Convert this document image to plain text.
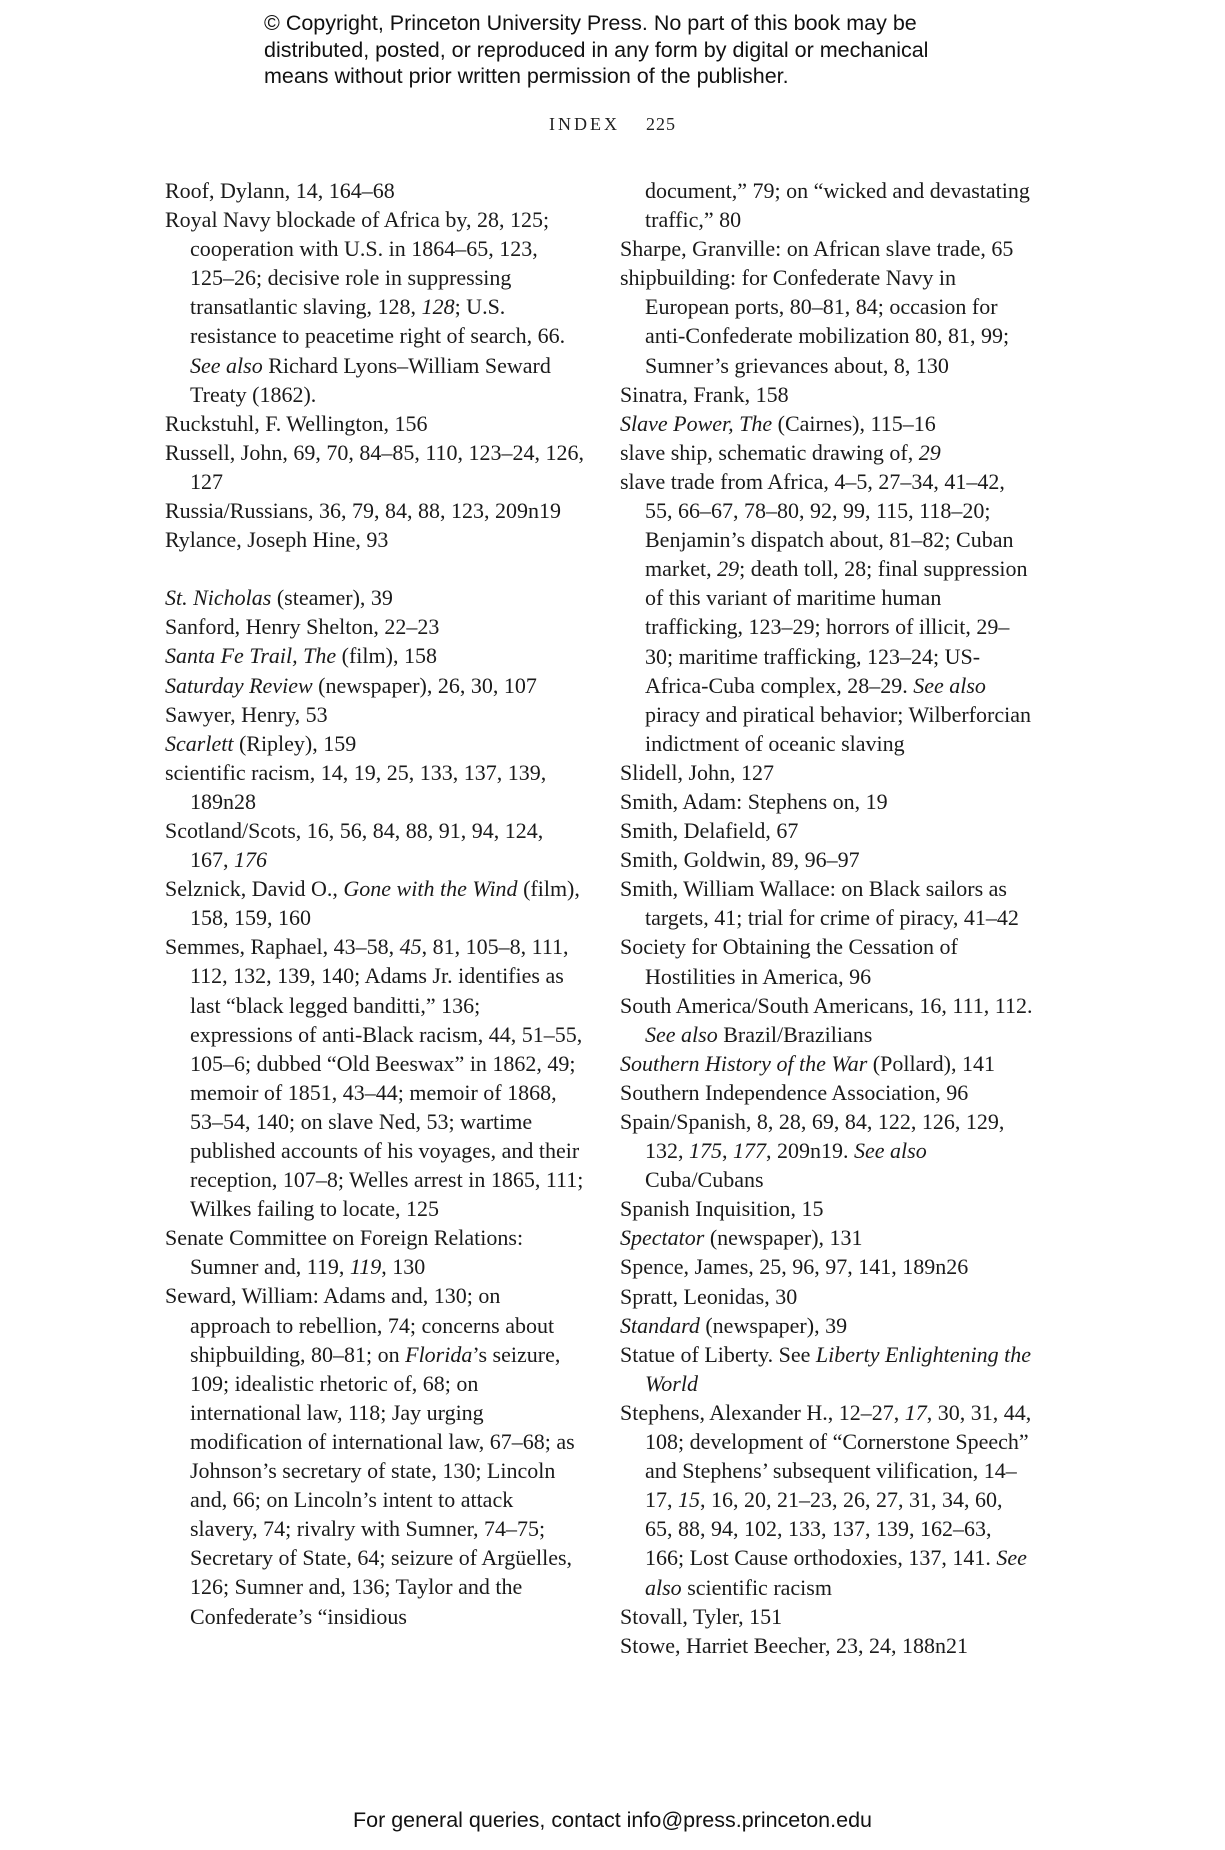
© Copyright, Princeton University Press. No part of this book may be
distributed, posted, or reproduced in any form by digital or mechanical
means without prior written permission of the publisher.
INDEX 225

Roof, Dylann, 14, 164–68

Royal Navy blockade of Africa by, 28, 125; cooperation with U.S. in 1864–65, 123, 125–26; decisive role in suppressing transatlantic slaving, 128, 128; U.S. resistance to peacetime right of search, 66. See also Richard Lyons–William Seward Treaty (1862).

Ruckstuhl, F. Wellington, 156

Russell, John, 69, 70, 84–85, 110, 123–24, 126, 127

Russia/Russians, 36, 79, 84, 88, 123, 209n19

Rylance, Joseph Hine, 93

St. Nicholas (steamer), 39

Sanford, Henry Shelton, 22–23

Santa Fe Trail, The (film), 158

Saturday Review (newspaper), 26, 30, 107

Sawyer, Henry, 53

Scarlett (Ripley), 159

scientific racism, 14, 19, 25, 133, 137, 139, 189n28

Scotland/Scots, 16, 56, 84, 88, 91, 94, 124, 167, 176

Selznick, David O., Gone with the Wind (film), 158, 159, 160

Semmes, Raphael, 43–58, 45, 81, 105–8, 111, 112, 132, 139, 140; Adams Jr. identifies as last “black legged banditti,” 136; expressions of anti-Black racism, 44, 51–55, 105–6; dubbed “Old Beeswax” in 1862, 49; memoir of 1851, 43–44; memoir of 1868, 53–54, 140; on slave Ned, 53; wartime published accounts of his voyages, and their reception, 107–8; Welles arrest in 1865, 111; Wilkes failing to locate, 125

Senate Committee on Foreign Relations: Sumner and, 119, 119, 130

Seward, William: Adams and, 130; on approach to rebellion, 74; concerns about shipbuilding, 80–81; on Florida’s seizure, 109; idealistic rhetoric of, 68; on international law, 118; Jay urging modification of international law, 67–68; as Johnson’s secretary of state, 130; Lincoln and, 66; on Lincoln’s intent to attack slavery, 74; rivalry with Sumner, 74–75; Secretary of State, 64; seizure of Argüelles, 126; Sumner and, 136; Taylor and the Confederate’s “insidious

document,” 79; on “wicked and devastating traffic,” 80

Sharpe, Granville: on African slave trade, 65

shipbuilding: for Confederate Navy in European ports, 80–81, 84; occasion for anti-Confederate mobilization 80, 81, 99; Sumner’s grievances about, 8, 130

Sinatra, Frank, 158

Slave Power, The (Cairnes), 115–16

slave ship, schematic drawing of, 29

slave trade from Africa, 4–5, 27–34, 41–42, 55, 66–67, 78–80, 92, 99, 115, 118–20; Benjamin’s dispatch about, 81–82; Cuban market, 29; death toll, 28; final suppression of this variant of maritime human trafficking, 123–29; horrors of illicit, 29–30; maritime trafficking, 123–24; US-Africa-Cuba complex, 28–29. See also piracy and piratical behavior; Wilberforcian indictment of oceanic slaving

Slidell, John, 127

Smith, Adam: Stephens on, 19

Smith, Delafield, 67

Smith, Goldwin, 89, 96–97

Smith, William Wallace: on Black sailors as targets, 41; trial for crime of piracy, 41–42

Society for Obtaining the Cessation of Hostilities in America, 96

South America/South Americans, 16, 111, 112. See also Brazil/Brazilians

Southern History of the War (Pollard), 141

Southern Independence Association, 96

Spain/Spanish, 8, 28, 69, 84, 122, 126, 129, 132, 175, 177, 209n19. See also Cuba/Cubans

Spanish Inquisition, 15

Spectator (newspaper), 131

Spence, James, 25, 96, 97, 141, 189n26

Spratt, Leonidas, 30

Standard (newspaper), 39

Statue of Liberty. See Liberty Enlightening the World

Stephens, Alexander H., 12–27, 17, 30, 31, 44, 108; development of “Cornerstone Speech” and Stephens’ subsequent vilification, 14–17, 15, 16, 20, 21–23, 26, 27, 31, 34, 60, 65, 88, 94, 102, 133, 137, 139, 162–63, 166; Lost Cause orthodoxies, 137, 141. See also scientific racism

Stovall, Tyler, 151

Stowe, Harriet Beecher, 23, 24, 188n21

For general queries, contact info@press.princeton.edu
